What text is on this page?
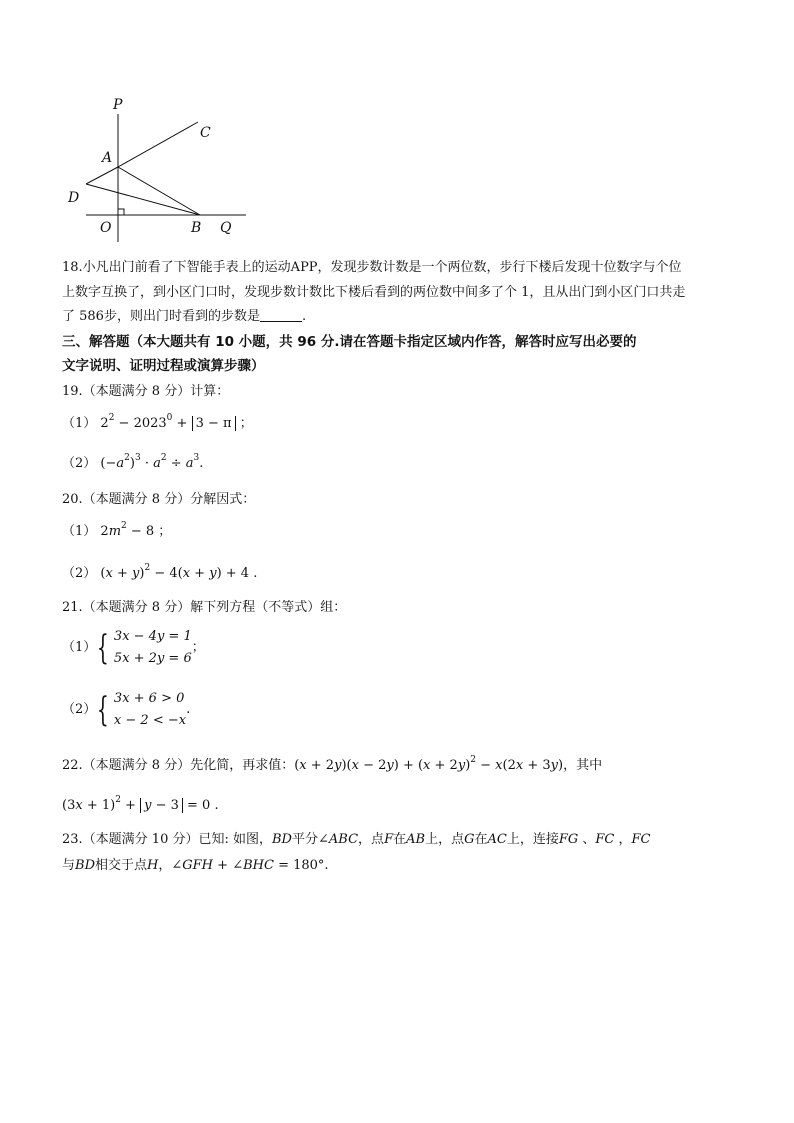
P
C
A
D
O	B Q
18.小凡出门前看了下智能手表上的运动APP，发现步数计数是一个两位数，步行下楼后发现十位数字与个位
上数字互换了，到小区门口时，发现步数计数比下楼后看到的两位数中间多了个 1，且从出门到小区门口共走
了 586步，则出门时看到的步数是	.
三、解答题（本大题共有 10 小题，共 96 分.请在答题卡指定区域内作答，解答时应写出必要的
文字说明、证明过程或演算步骤）
19.（本题满分 8 分）计算：
（1） $2^2 - 2023^0 + 3 - \pi$ ；
（2） $(-a^2)^3 \cdot a^2 \div a^3$.
20.（本题满分 8 分）分解因式：
（1） $2m^2 - 8$ ；
（2） $(x + y)^2 - 4(x + y) + 4$ .
21.（本题满分 8 分）解下列方程（不等式）组：
（1）{ 3x − 4y = 1
5x + 2y = 6
；
（2）{ 3x + 6 > 0
x − 2 < −x
.
22.（本题满分 8 分）先化简，再求值：$(x + 2y)(x - 2y) + (x + 2y)^2 - x(2x + 3y)$，其中
$(3x + 1)^2 + y - 3 = 0$ .
23.（本题满分 10 分）已知: 如图，BD平分∠ABC，点F在AB上，点G在AC上，连接FG 、FC ，FC
与BD相交于点H，∠GFH + ∠BHC = 180°.
